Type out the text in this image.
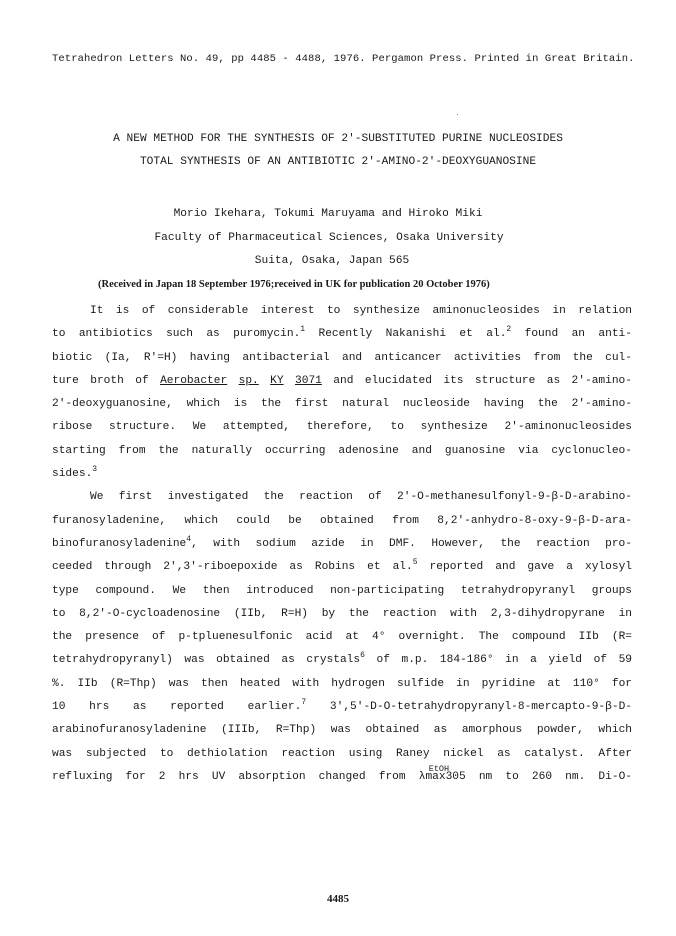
Tetrahedron Letters No. 49, pp 4485 - 4488, 1976. Pergamon Press. Printed in Great Britain.
A NEW METHOD FOR THE SYNTHESIS OF 2'-SUBSTITUTED PURINE NUCLEOSIDES
TOTAL SYNTHESIS OF AN ANTIBIOTIC 2'-AMINO-2'-DEOXYGUANOSINE
Morio Ikehara, Tokumi Maruyama and Hiroko Miki
Faculty of Pharmaceutical Sciences, Osaka University
Suita, Osaka, Japan 565
(Received in Japan 18 September 1976;received in UK for publication 20 October 1976)
It is of considerable interest to synthesize aminonucleosides in relation
to antibiotics such as puromycin.$^1$ Recently Nakanishi et al.$^2$ found an anti-
biotic (Ia, R'=H) having antibacterial and anticancer activities from the cul-
ture broth of Aerobacter sp. KY 3071 and elucidated its structure as 2'-amino-
2'-deoxyguanosine, which is the first natural nucleoside having the 2'-amino-
ribose structure. We attempted, therefore, to synthesize 2'-aminonucleosides
starting from the naturally occurring adenosine and guanosine via cyclonucleo-
sides.$^3$
We first investigated the reaction of 2'-O-methanesulfonyl-9-β-D-arabino-
furanosyladenine, which could be obtained from 8,2'-anhydro-8-oxy-9-β-D-ara-
binofuranosyladenine$^4$, with sodium azide in DMF. However, the reaction pro-
ceeded through 2',3'-riboepoxide as Robins et al.$^5$ reported and gave a xylosyl
type compound. We then introduced non-participating tetrahydropyranyl groups
to 8,2'-O-cycloadenosine (IIb, R=H) by the reaction with 2,3-dihydropyrane in
the presence of p-tpluenesulfonic acid at 4° overnight. The compound IIb (R=
tetrahydropyranyl) was obtained as crystals$^6$ of m.p. 184-186° in a yield of 59
%. IIb (R=Thp) was then heated with hydrogen sulfide in pyridine at 110° for
10 hrs as reported earlier.$^7$ 3',5'-D-O-tetrahydropyranyl-8-mercapto-9-β-D-
arabinofuranosyladenine (IIIb, R=Thp) was obtained as amorphous powder, which
was subjected to dethiolation reaction using Raney nickel as catalyst. After
refluxing for 2 hrs UV absorption changed from λmax
EtOH
305 nm to 260 nm. Di-O-
4485
